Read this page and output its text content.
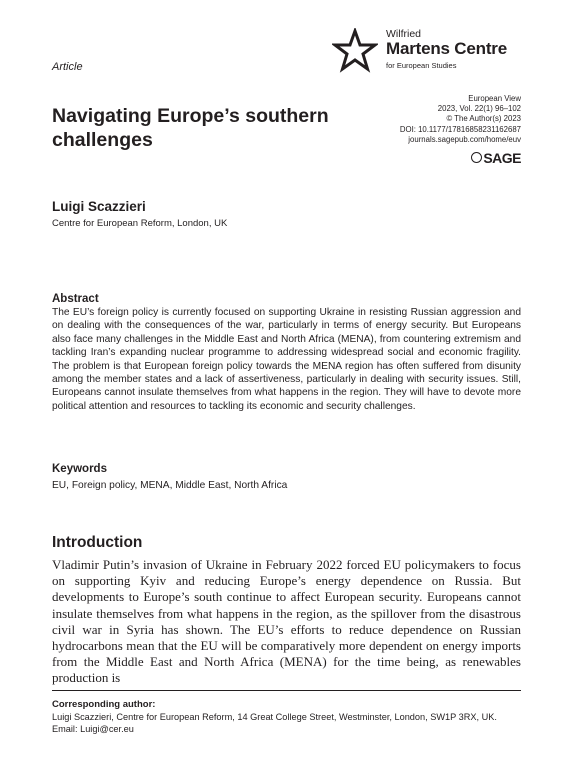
Article
Wilfried
Martens Centre
for European Studies
Navigating Europe’s southern challenges
European View
2023, Vol. 22(1) 96–102
© The Author(s) 2023
DOI: 10.1177/17816858231162687
journals.sagepub.com/home/euv
SAGE
Luigi Scazzieri
Centre for European Reform, London, UK
Abstract
The EU’s foreign policy is currently focused on supporting Ukraine in resisting Russian aggression and on dealing with the consequences of the war, particularly in terms of energy security. But Europeans also face many challenges in the Middle East and North Africa (MENA), from countering extremism and tackling Iran’s expanding nuclear programme to addressing widespread social and economic fragility. The problem is that European foreign policy towards the MENA region has often suffered from disunity among the member states and a lack of assertiveness, particularly in dealing with security issues. Still, Europeans cannot insulate themselves from what happens in the region. They will have to devote more political attention and resources to tackling its economic and security challenges.
Keywords
EU, Foreign policy, MENA, Middle East, North Africa
Introduction
Vladimir Putin’s invasion of Ukraine in February 2022 forced EU policymakers to focus on supporting Kyiv and reducing Europe’s energy dependence on Russia. But developments to Europe’s south continue to affect European security. Europeans cannot insulate themselves from what happens in the region, as the spillover from the disastrous civil war in Syria has shown. The EU’s efforts to reduce dependence on Russian hydrocarbons mean that the EU will be comparatively more dependent on energy imports from the Middle East and North Africa (MENA) for the time being, as renewables production is
Corresponding author:
Luigi Scazzieri, Centre for European Reform, 14 Great College Street, Westminster, London, SW1P 3RX, UK.
Email: Luigi@cer.eu
